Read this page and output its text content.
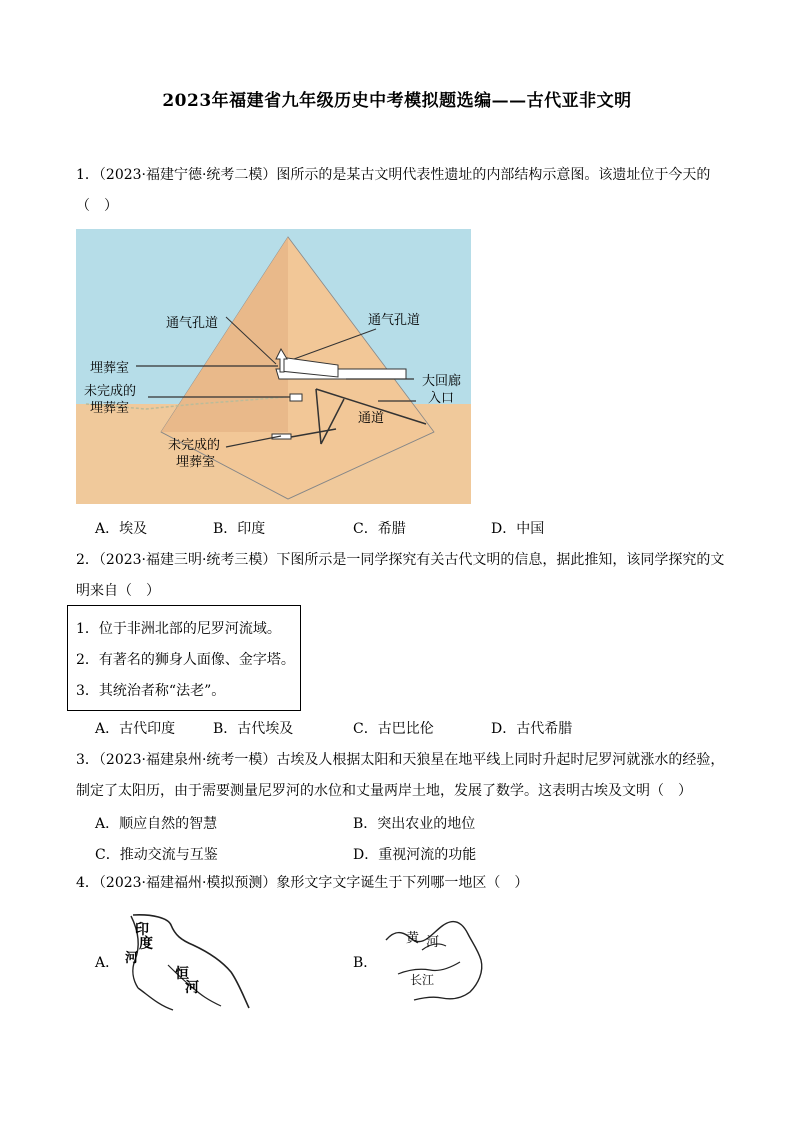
2023年福建省九年级历史中考模拟题选编——古代亚非文明
1．（2023·福建宁德·统考二模）图所示的是某古文明代表性遗址的内部结构示意图。该遗址位于今天的
（　）
通气孔道	通气孔道
埋葬室
未完成的
埋葬室
大回廊
入口
通道
未完成的
埋葬室
A．埃及	B．印度	C．希腊	D．中国
2．（2023·福建三明·统考三模）下图所示是一同学探究有关古代文明的信息，据此推知，该同学探究的文
明来自（　）
1．位于非洲北部的尼罗河流域。
2．有著名的狮身人面像、金字塔。
3．其统治者称“法老”。
A．古代印度	B．古代埃及	C．古巴比伦	D．古代希腊
3．（2023·福建泉州·统考一模）古埃及人根据太阳和天狼星在地平线上同时升起时尼罗河就涨水的经验，
制定了太阳历，由于需要测量尼罗河的水位和丈量两岸土地，发展了数学。这表明古埃及文明（　）
A．顺应自然的智慧	B．突出农业的地位
C．推动交流与互鉴	D．重视河流的功能
4．（2023·福建福州·模拟预测）象形文字文字诞生于下列哪一地区（　）
A．
印
度
河
恒
河
B．
黄 河
长江
